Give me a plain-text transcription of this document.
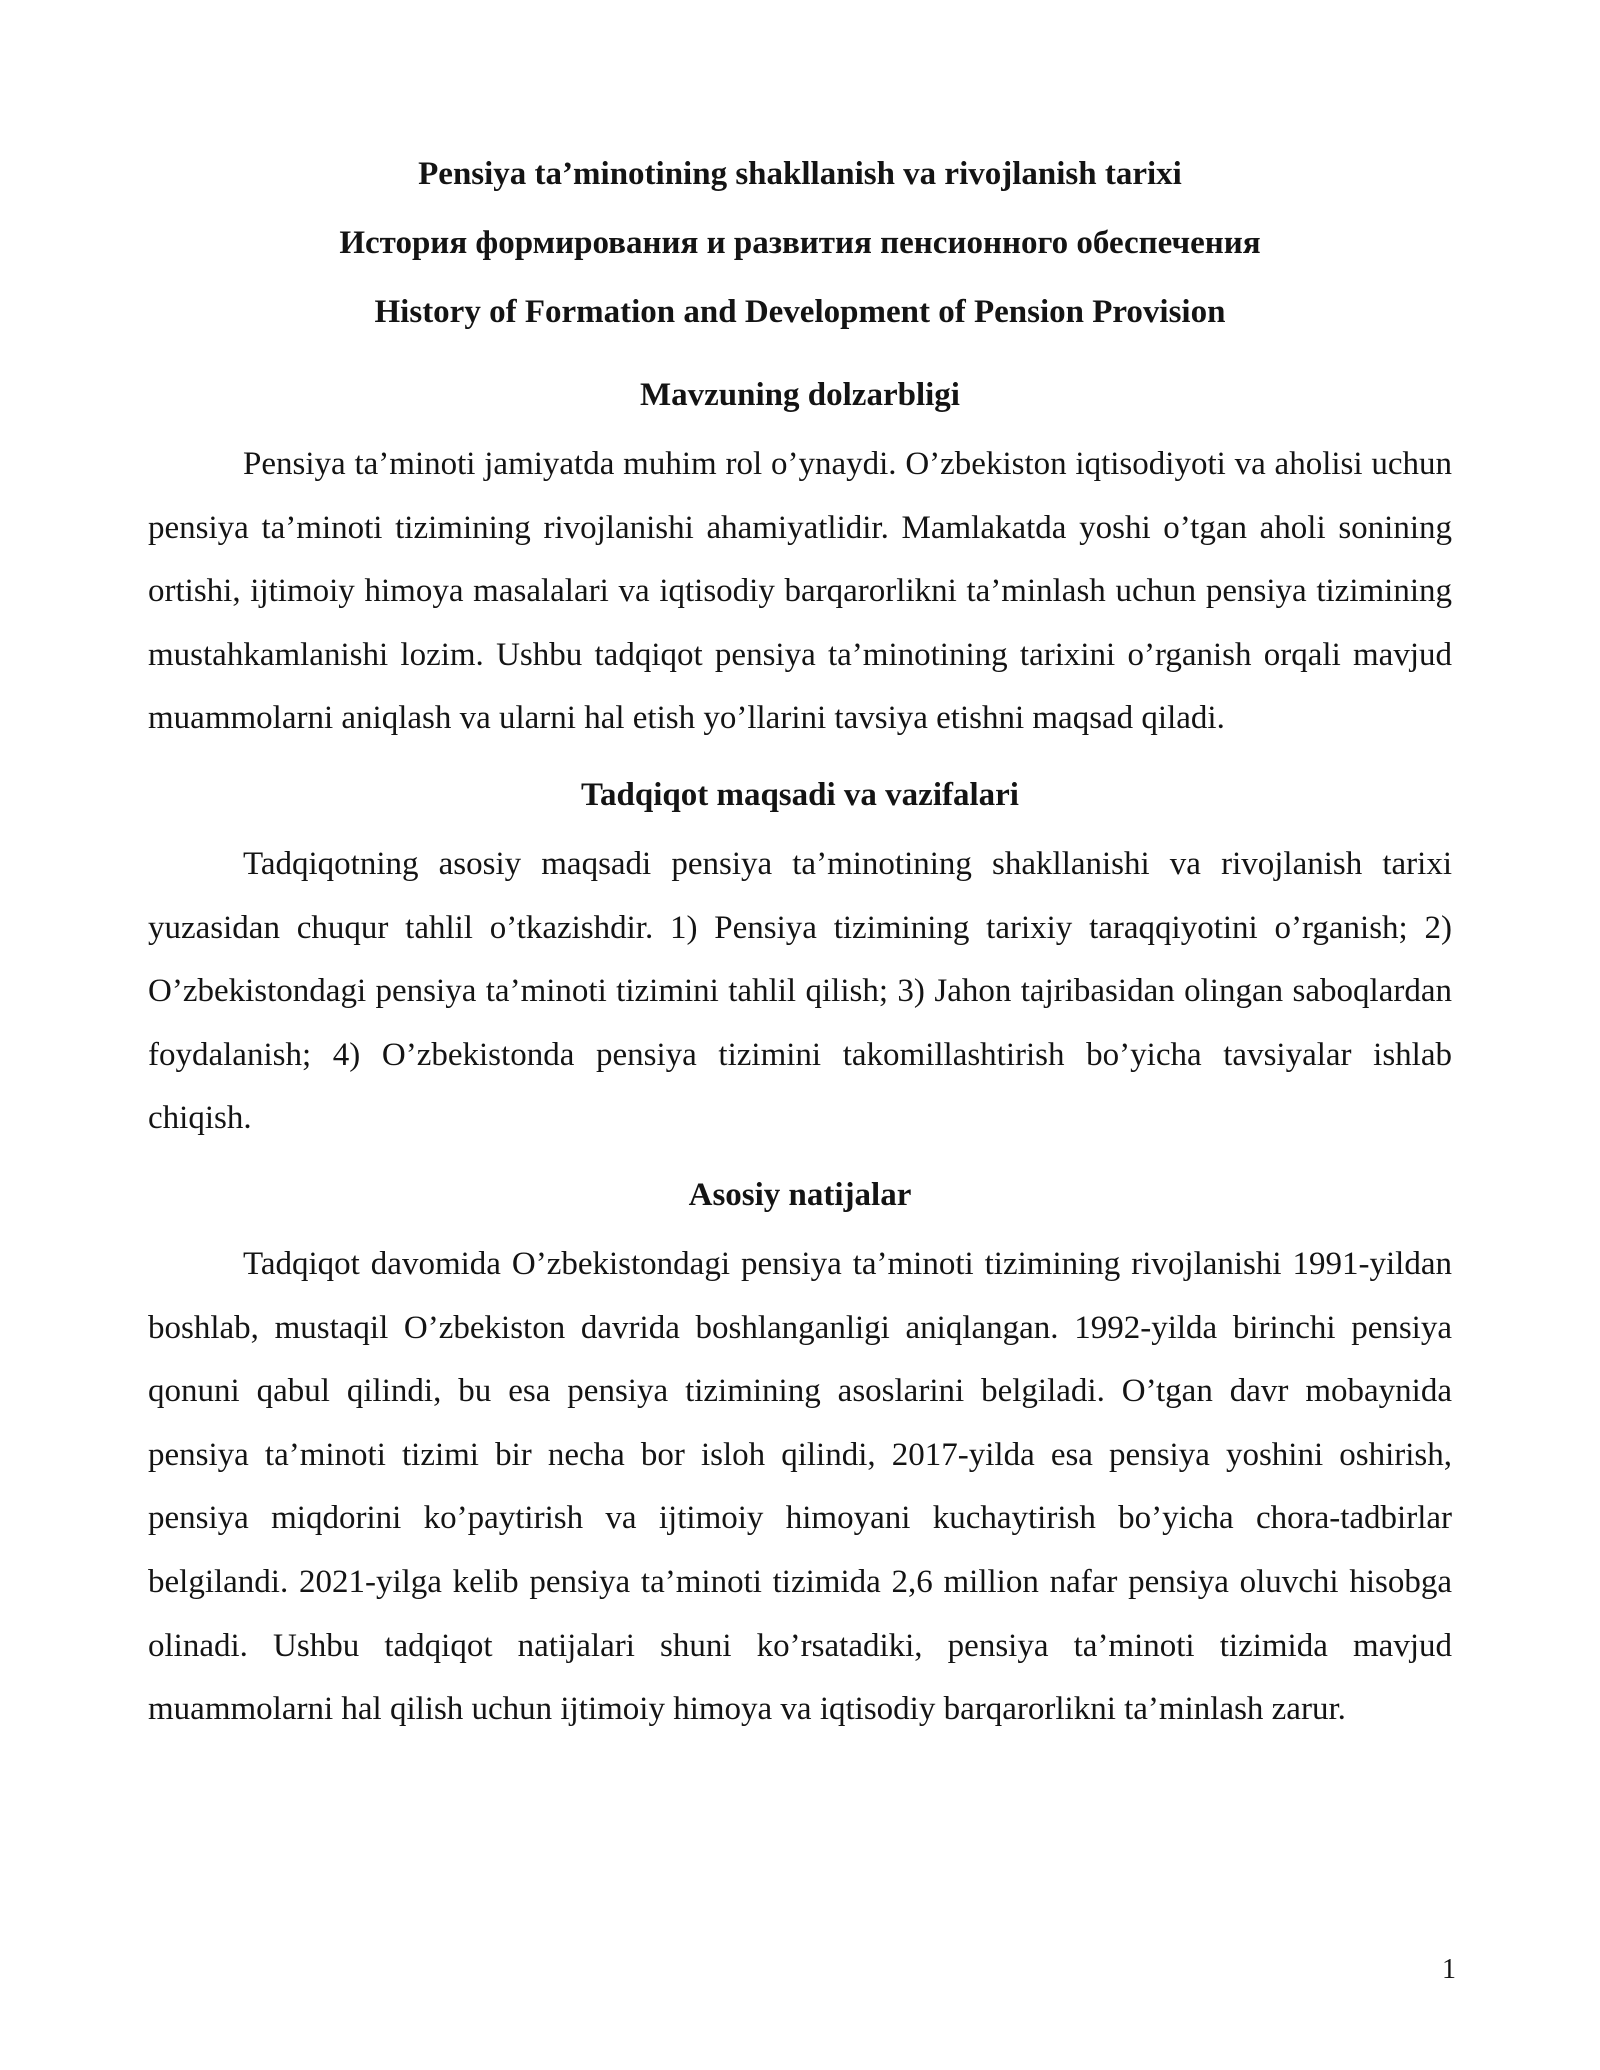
Pensiya ta’minotining shakllanish va rivojlanish tarixi
История формирования и развития пенсионного обеспечения
History of Formation and Development of Pension Provision
Mavzuning dolzarbligi

Pensiya ta’minoti jamiyatda muhim rol o’ynaydi. O’zbekiston iqtisodiyoti va aholisi uchun pensiya ta’minoti tizimining rivojlanishi ahamiyatlidir. Mamlakatda yoshi o’tgan aholi sonining ortishi, ijtimoiy himoya masalalari va iqtisodiy barqarorlikni ta’minlash uchun pensiya tizimining mustahkamlanishi lozim. Ushbu tadqiqot pensiya ta’minotining tarixini o’rganish orqali mavjud muammolarni aniqlash va ularni hal etish yo’llarini tavsiya etishni maqsad qiladi.

Tadqiqot maqsadi va vazifalari

Tadqiqotning asosiy maqsadi pensiya ta’minotining shakllanishi va rivojlanish tarixi yuzasidan chuqur tahlil o’tkazishdir. 1) Pensiya tizimining tarixiy taraqqiyotini o’rganish; 2) O’zbekistondagi pensiya ta’minoti tizimini tahlil qilish; 3) Jahon tajribasidan olingan saboqlardan foydalanish; 4) O’zbekistonda pensiya tizimini takomillashtirish bo’yicha tavsiyalar ishlab chiqish.

Asosiy natijalar

Tadqiqot davomida O’zbekistondagi pensiya ta’minoti tizimining rivojlanishi 1991-yildan boshlab, mustaqil O’zbekiston davrida boshlanganligi aniqlangan. 1992-yilda birinchi pensiya qonuni qabul qilindi, bu esa pensiya tizimining asoslarini belgiladi. O’tgan davr mobaynida pensiya ta’minoti tizimi bir necha bor isloh qilindi, 2017-yilda esa pensiya yoshini oshirish, pensiya miqdorini ko’paytirish va ijtimoiy himoyani kuchaytirish bo’yicha chora-tadbirlar belgilandi. 2021-yilga kelib pensiya ta’minoti tizimida 2,6 million nafar pensiya oluvchi hisobga olinadi. Ushbu tadqiqot natijalari shuni ko’rsatadiki, pensiya ta’minoti tizimida mavjud muammolarni hal qilish uchun ijtimoiy himoya va iqtisodiy barqarorlikni ta’minlash zarur.

1
